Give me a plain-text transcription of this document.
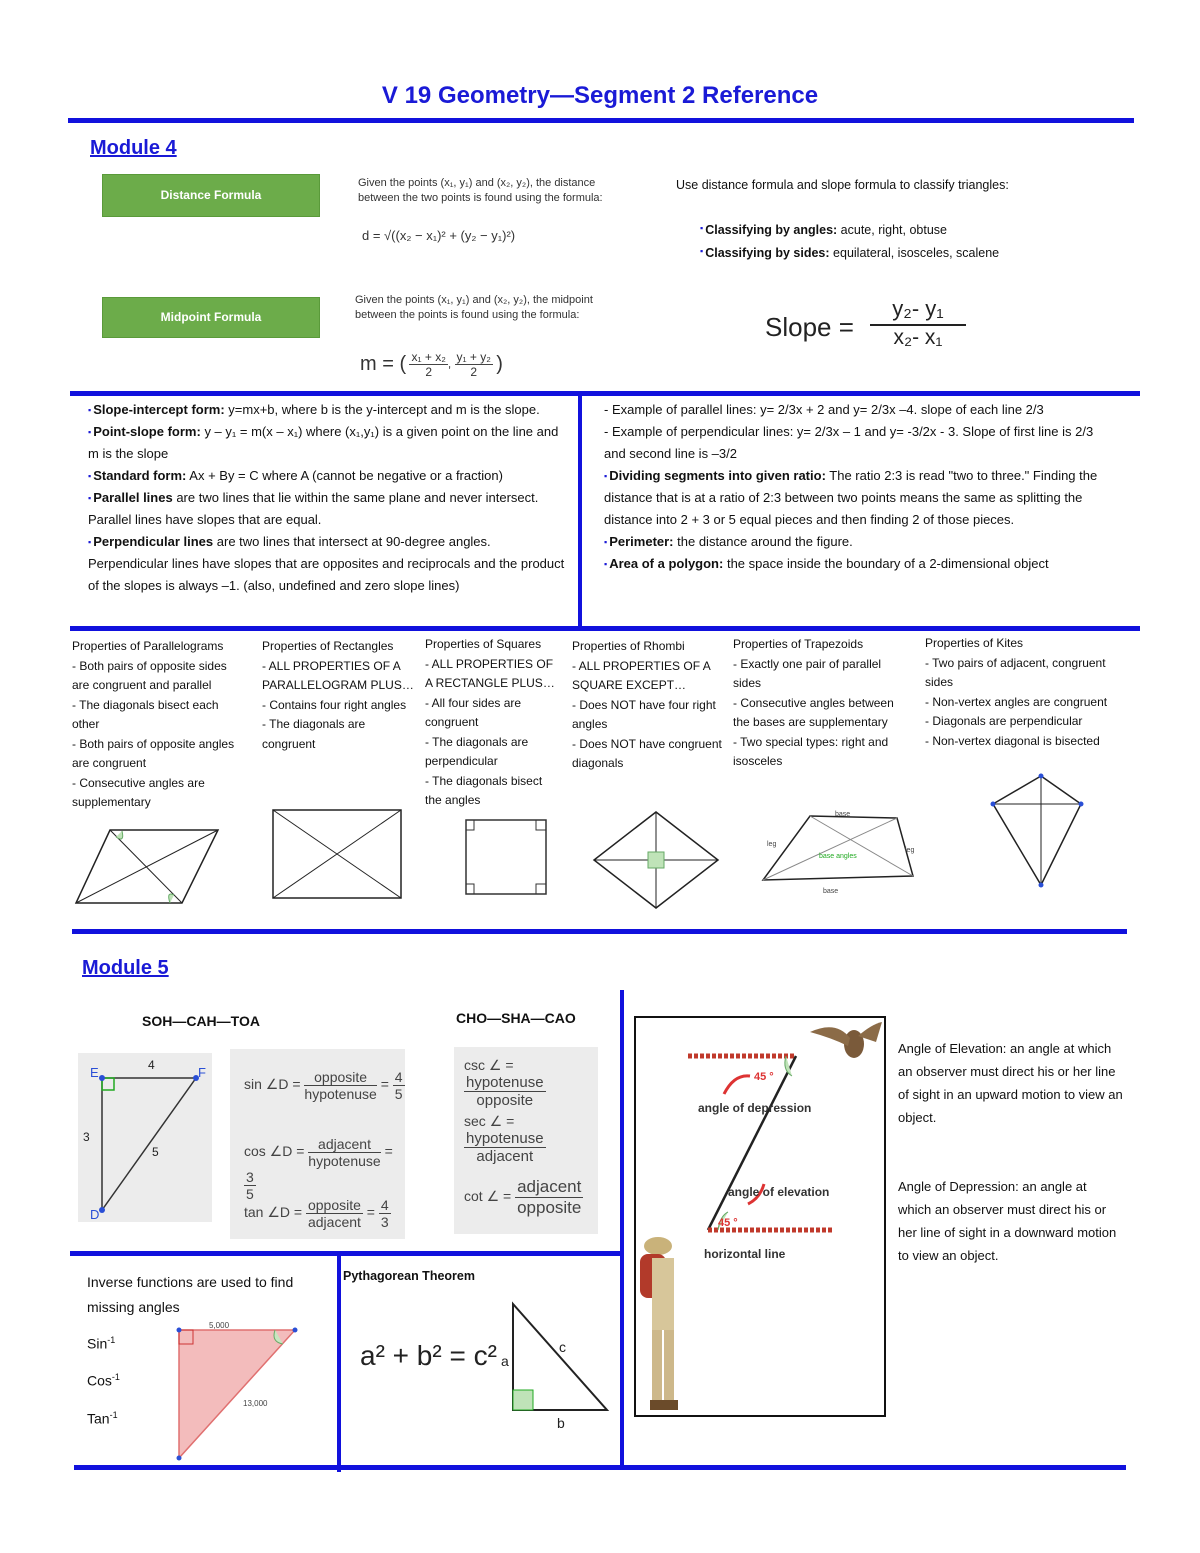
V 19 Geometry—Segment 2 Reference
Module 4
Distance Formula
Given the points (x₁, y₁) and (x₂, y₂), the distance between the two points is found using the formula:
d = √((x₂ − x₁)² + (y₂ − y₁)²)
Midpoint Formula
Given the points (x₁, y₁) and (x₂, y₂), the midpoint between the points is found using the formula:
m = ( $\frac{\text{x₁ + x₂}}{2}$ , $\frac{\text{y₁ + y₂}}{2}$ )
Use distance formula and slope formula to classify triangles:
▪ Classifying by angles: acute, right, obtuse
▪ Classifying by sides: equilateral, isosceles, scalene
Slope = $\frac{\text{y₂- y₁}}{\text{x₂- x₁}}$
▪ Slope-intercept form: y=mx+b, where b is the y-intercept and m is the slope.
▪ Point-slope form: y – y₁ = m(x – x₁) where (x₁,y₁) is a given point on the line and m is the slope
▪ Standard form: Ax + By = C where A (cannot be negative or a fraction)
▪ Parallel lines are two lines that lie within the same plane and never intersect. Parallel lines have slopes that are equal.
▪ Perpendicular lines are two lines that intersect at 90-degree angles. Perpendicular lines have slopes that are opposites and reciprocals and the product of the slopes is always –1. (also, undefined and zero slope lines)
- Example of parallel lines: y= 2/3x + 2 and y= 2/3x –4. slope of each line 2/3
- Example of perpendicular lines: y= 2/3x – 1 and y= -3/2x - 3. Slope of first line is 2/3 and second line is –3/2
▪ Dividing segments into given ratio: The ratio 2:3 is read "two to three." Finding the distance that is at a ratio of 2:3 between two points means the same as splitting the distance into 2 + 3 or 5 equal pieces and then finding 2 of those pieces.
▪ Perimeter: the distance around the figure.
▪ Area of a polygon: the space inside the boundary of a 2-dimensional object
Properties of Parallelograms
- Both pairs of opposite sides are congruent and parallel
- The diagonals bisect each other
- Both pairs of opposite angles are congruent
- Consecutive angles are supplementary
Properties of Rectangles
- ALL PROPERTIES OF A PARALLELOGRAM PLUS…
- Contains four right angles
- The diagonals are congruent
Properties of Squares
- ALL PROPERTIES OF A RECTANGLE PLUS…
- All four sides are congruent
- The diagonals are perpendicular
- The diagonals bisect the angles
Properties of Rhombi
- ALL PROPERTIES OF A SQUARE EXCEPT…
- Does NOT have four right angles
- Does NOT have congruent diagonals
Properties of Trapezoids
- Exactly one pair of parallel sides
- Consecutive angles between the bases are supplementary
- Two special types: right and isosceles
Properties of Kites
- Two pairs of adjacent, congruent sides
- Non-vertex angles are congruent
- Diagonals are perpendicular
- Non-vertex diagonal is bisected
base
base
leg
leg
base angles
Module 5
SOH—CAH—TOA	CHO—SHA—CAO
E	F
D
4
3
5
sin ∠D = $\frac{\text{opposite}}{\text{hypotenuse}} = \frac{4}{5}$
cos ∠D = $\frac{\text{adjacent}}{\text{hypotenuse}}$ =
$\frac{3}{5}$
tan ∠D = $\frac{\text{opposite}}{\text{adjacent}} = \frac{4}{3}$
csc ∠ =
$\frac{\text{hypotenuse}}{\text{opposite}}$
sec ∠ =
$\frac{\text{hypotenuse}}{\text{adjacent}}$
cot ∠ = $\frac{\text{adjacent}}{\text{opposite}}$
Inverse functions are used to find missing angles
Sin$^{-1}$
Cos$^{-1}$
Tan$^{-1}$
5,000
13,000
Pythagorean Theorem
a² + b² = c² a
b
c
45 °
45 °
angle of depression
angle of elevation
horizontal line
Angle of Elevation: an angle at which an observer must direct his or her line of sight in an upward motion to view an object.
Angle of Depression: an angle at which an observer must direct his or her line of sight in a downward motion to view an object.
